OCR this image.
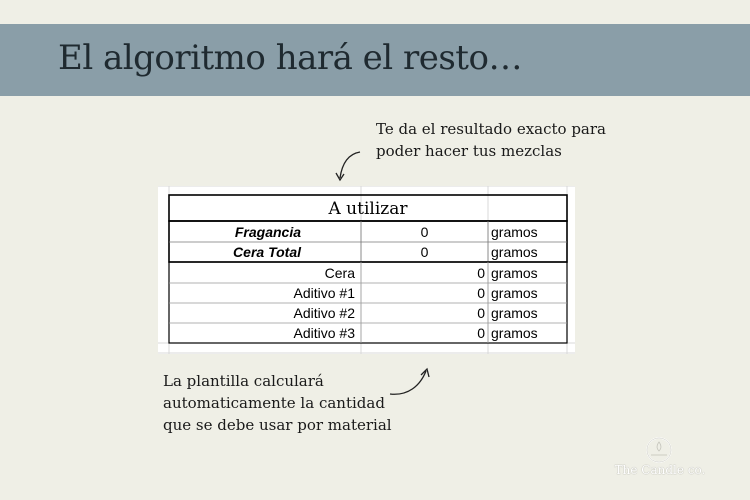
El algoritmo hará el resto…
Te da el resultado exacto para
poder hacer tus mezclas
A utilizar
Fragancia	0	gramos
Cera Total	0	gramos
Cera	0 gramos
Aditivo #1	0 gramos
Aditivo #2	0 gramos
Aditivo #3	0 gramos
La plantilla calculará
automaticamente la cantidad
que se debe usar por material
The Candle co.
